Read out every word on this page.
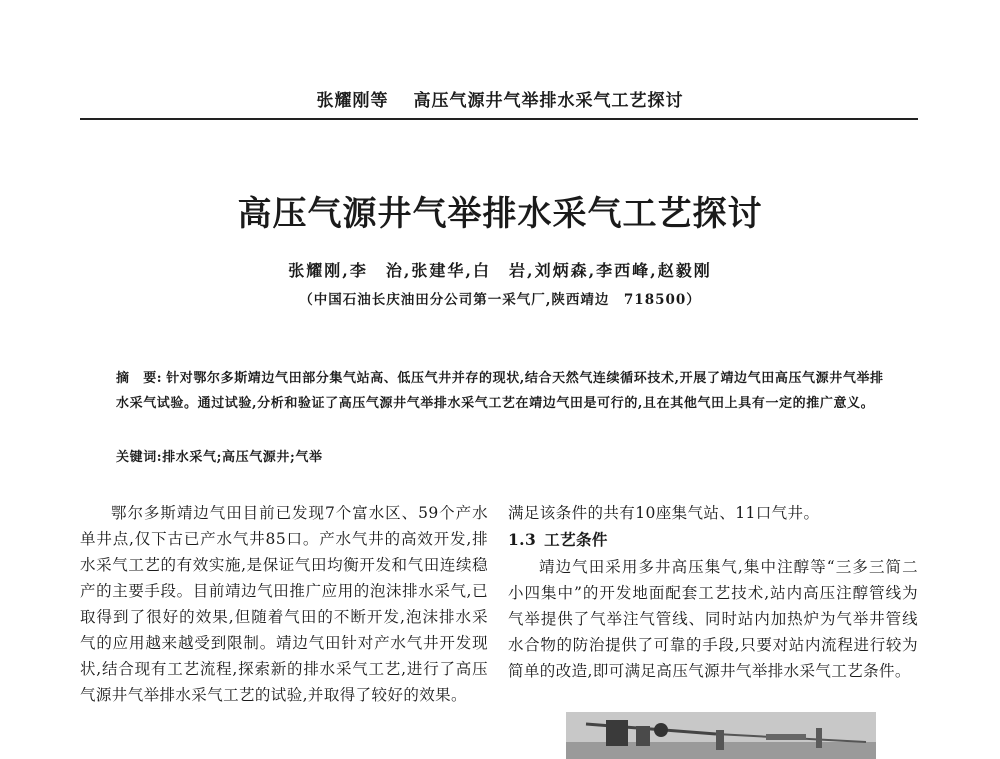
张耀刚等 高压气源井气举排水采气工艺探讨
高压气源井气举排水采气工艺探讨
张耀刚,李　治,张建华,白　岩,刘炳森,李西峰,赵毅刚
（中国石油长庆油田分公司第一采气厂,陕西靖边　718500）
摘　要: 针对鄂尔多斯靖边气田部分集气站高、低压气井并存的现状,结合天然气连续循环技术,开展了靖边气田高压气源井气举排水采气试验。通过试验,分析和验证了高压气源井气举排水采气工艺在靖边气田是可行的,且在其他气田上具有一定的推广意义。
关键词:排水采气;高压气源井;气举

鄂尔多斯靖边气田目前已发现7个富水区、59个产水单井点,仅下古已产水气井85口。产水气井的高效开发,排水采气工艺的有效实施,是保证气田均衡开发和气田连续稳产的主要手段。目前靖边气田推广应用的泡沫排水采气,已取得到了很好的效果,但随着气田的不断开发,泡沫排水采气的应用越来越受到限制。靖边气田针对产水气井开发现状,结合现有工艺流程,探索新的排水采气工艺,进行了高压气源井气举排水采气工艺的试验,并取得了较好的效果。

满足该条件的共有10座集气站、11口气井。

1.3 工艺条件

靖边气田采用多井高压集气,集中注醇等“三多三简二小四集中”的开发地面配套工艺技术,站内高压注醇管线为气举提供了气举注气管线、同时站内加热炉为气举井管线水合物的防治提供了可靠的手段,只要对站内流程进行较为简单的改造,即可满足高压气源井气举排水采气工艺条件。
